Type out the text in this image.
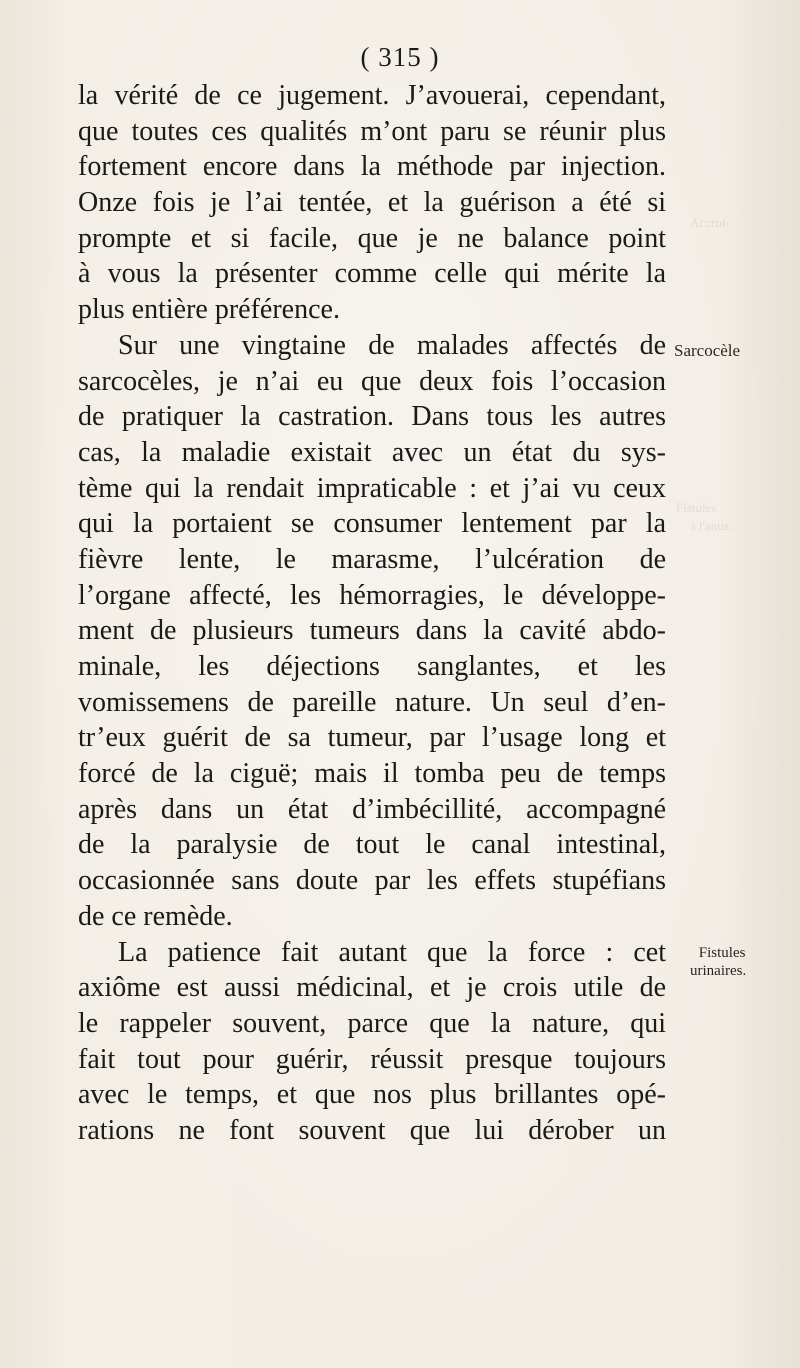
Accroi-
Fistules
à l'anus.
( 315 )
la vérité de ce jugement. J’avouerai, cependant,
que toutes ces qualités m’ont paru se réunir plus
fortement encore dans la méthode par injection.
Onze fois je l’ai tentée, et la guérison a été si
prompte et si facile, que je ne balance point
à vous la présenter comme celle qui mérite la
plus entière préférence.
Sur une vingtaine de malades affectés de
sarcocèles, je n’ai eu que deux fois l’occasion
de pratiquer la castration. Dans tous les autres
cas, la maladie existait avec un état du sys-
tème qui la rendait impraticable : et j’ai vu ceux
qui la portaient se consumer lentement par la
fièvre lente, le marasme, l’ulcération de
l’organe affecté, les hémorragies, le développe-
ment de plusieurs tumeurs dans la cavité abdo-
minale, les déjections sanglantes, et les
vomissemens de pareille nature. Un seul d’en-
tr’eux guérit de sa tumeur, par l’usage long et
forcé de la ciguë; mais il tomba peu de temps
après dans un état d’imbécillité, accompagné
de la paralysie de tout le canal intestinal,
occasionnée sans doute par les effets stupéfians
de ce remède.
La patience fait autant que la force : cet
axiôme est aussi médicinal, et je crois utile de
le rappeler souvent, parce que la nature, qui
fait tout pour guérir, réussit presque toujours
avec le temps, et que nos plus brillantes opé-
rations ne font souvent que lui dérober un
Sarcocèle
Fistules
urinaires.
